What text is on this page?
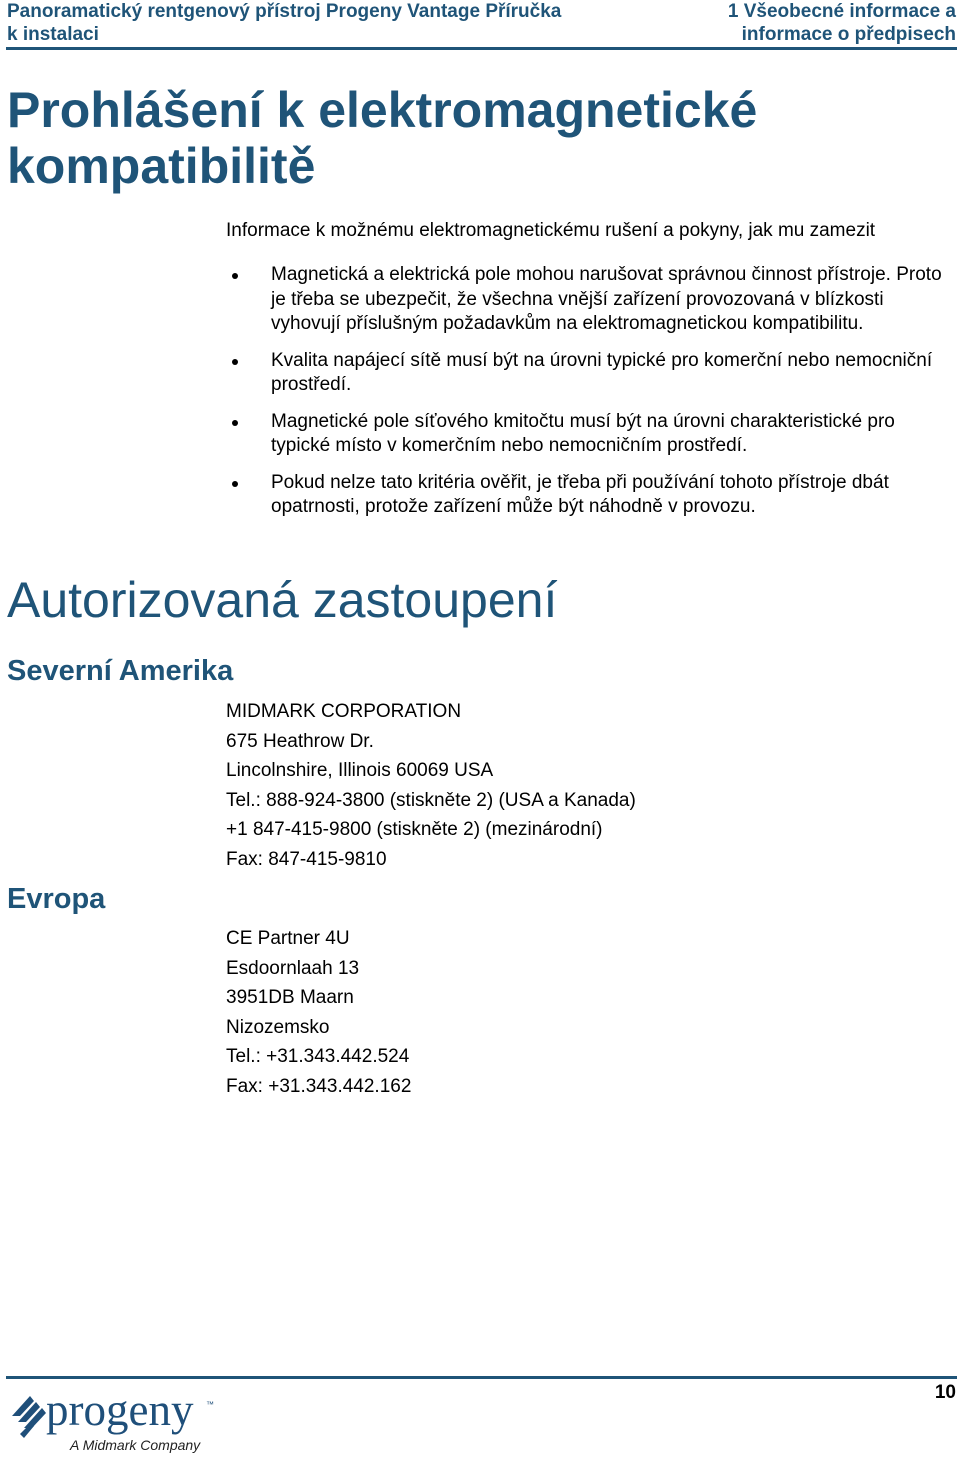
Panoramatický rentgenový přístroj Progeny Vantage Příručka
k instalaci
1 Všeobecné informace a
informace o předpisech
Prohlášení k elektromagnetické
kompatibilitě
Informace k možnému elektromagnetickému rušení a pokyny, jak mu zamezit
Magnetická a elektrická pole mohou narušovat správnou činnost přístroje. Proto je třeba se ubezpečit, že všechna vnější zařízení provozovaná v blízkosti vyhovují příslušným požadavkům na elektromagnetickou kompatibilitu.
Kvalita napájecí sítě musí být na úrovni typické pro komerční nebo nemocniční prostředí.
Magnetické pole síťového kmitočtu musí být na úrovni charakteristické pro typické místo v komerčním nebo nemocničním prostředí.
Pokud nelze tato kritéria ověřit, je třeba při používání tohoto přístroje dbát opatrnosti, protože zařízení může být náhodně v provozu.
Autorizovaná zastoupení
Severní Amerika
MIDMARK CORPORATION
675 Heathrow Dr.
Lincolnshire, Illinois 60069 USA
Tel.: 888-924-3800 (stiskněte 2) (USA a Kanada)
+1 847-415-9800 (stiskněte 2) (mezinárodní)
Fax: 847-415-9810
Evropa
CE Partner 4U
Esdoornlaah 13
3951DB Maarn
Nizozemsko
Tel.: +31.343.442.524
Fax: +31.343.442.162
10
progeny ™
A Midmark Company
